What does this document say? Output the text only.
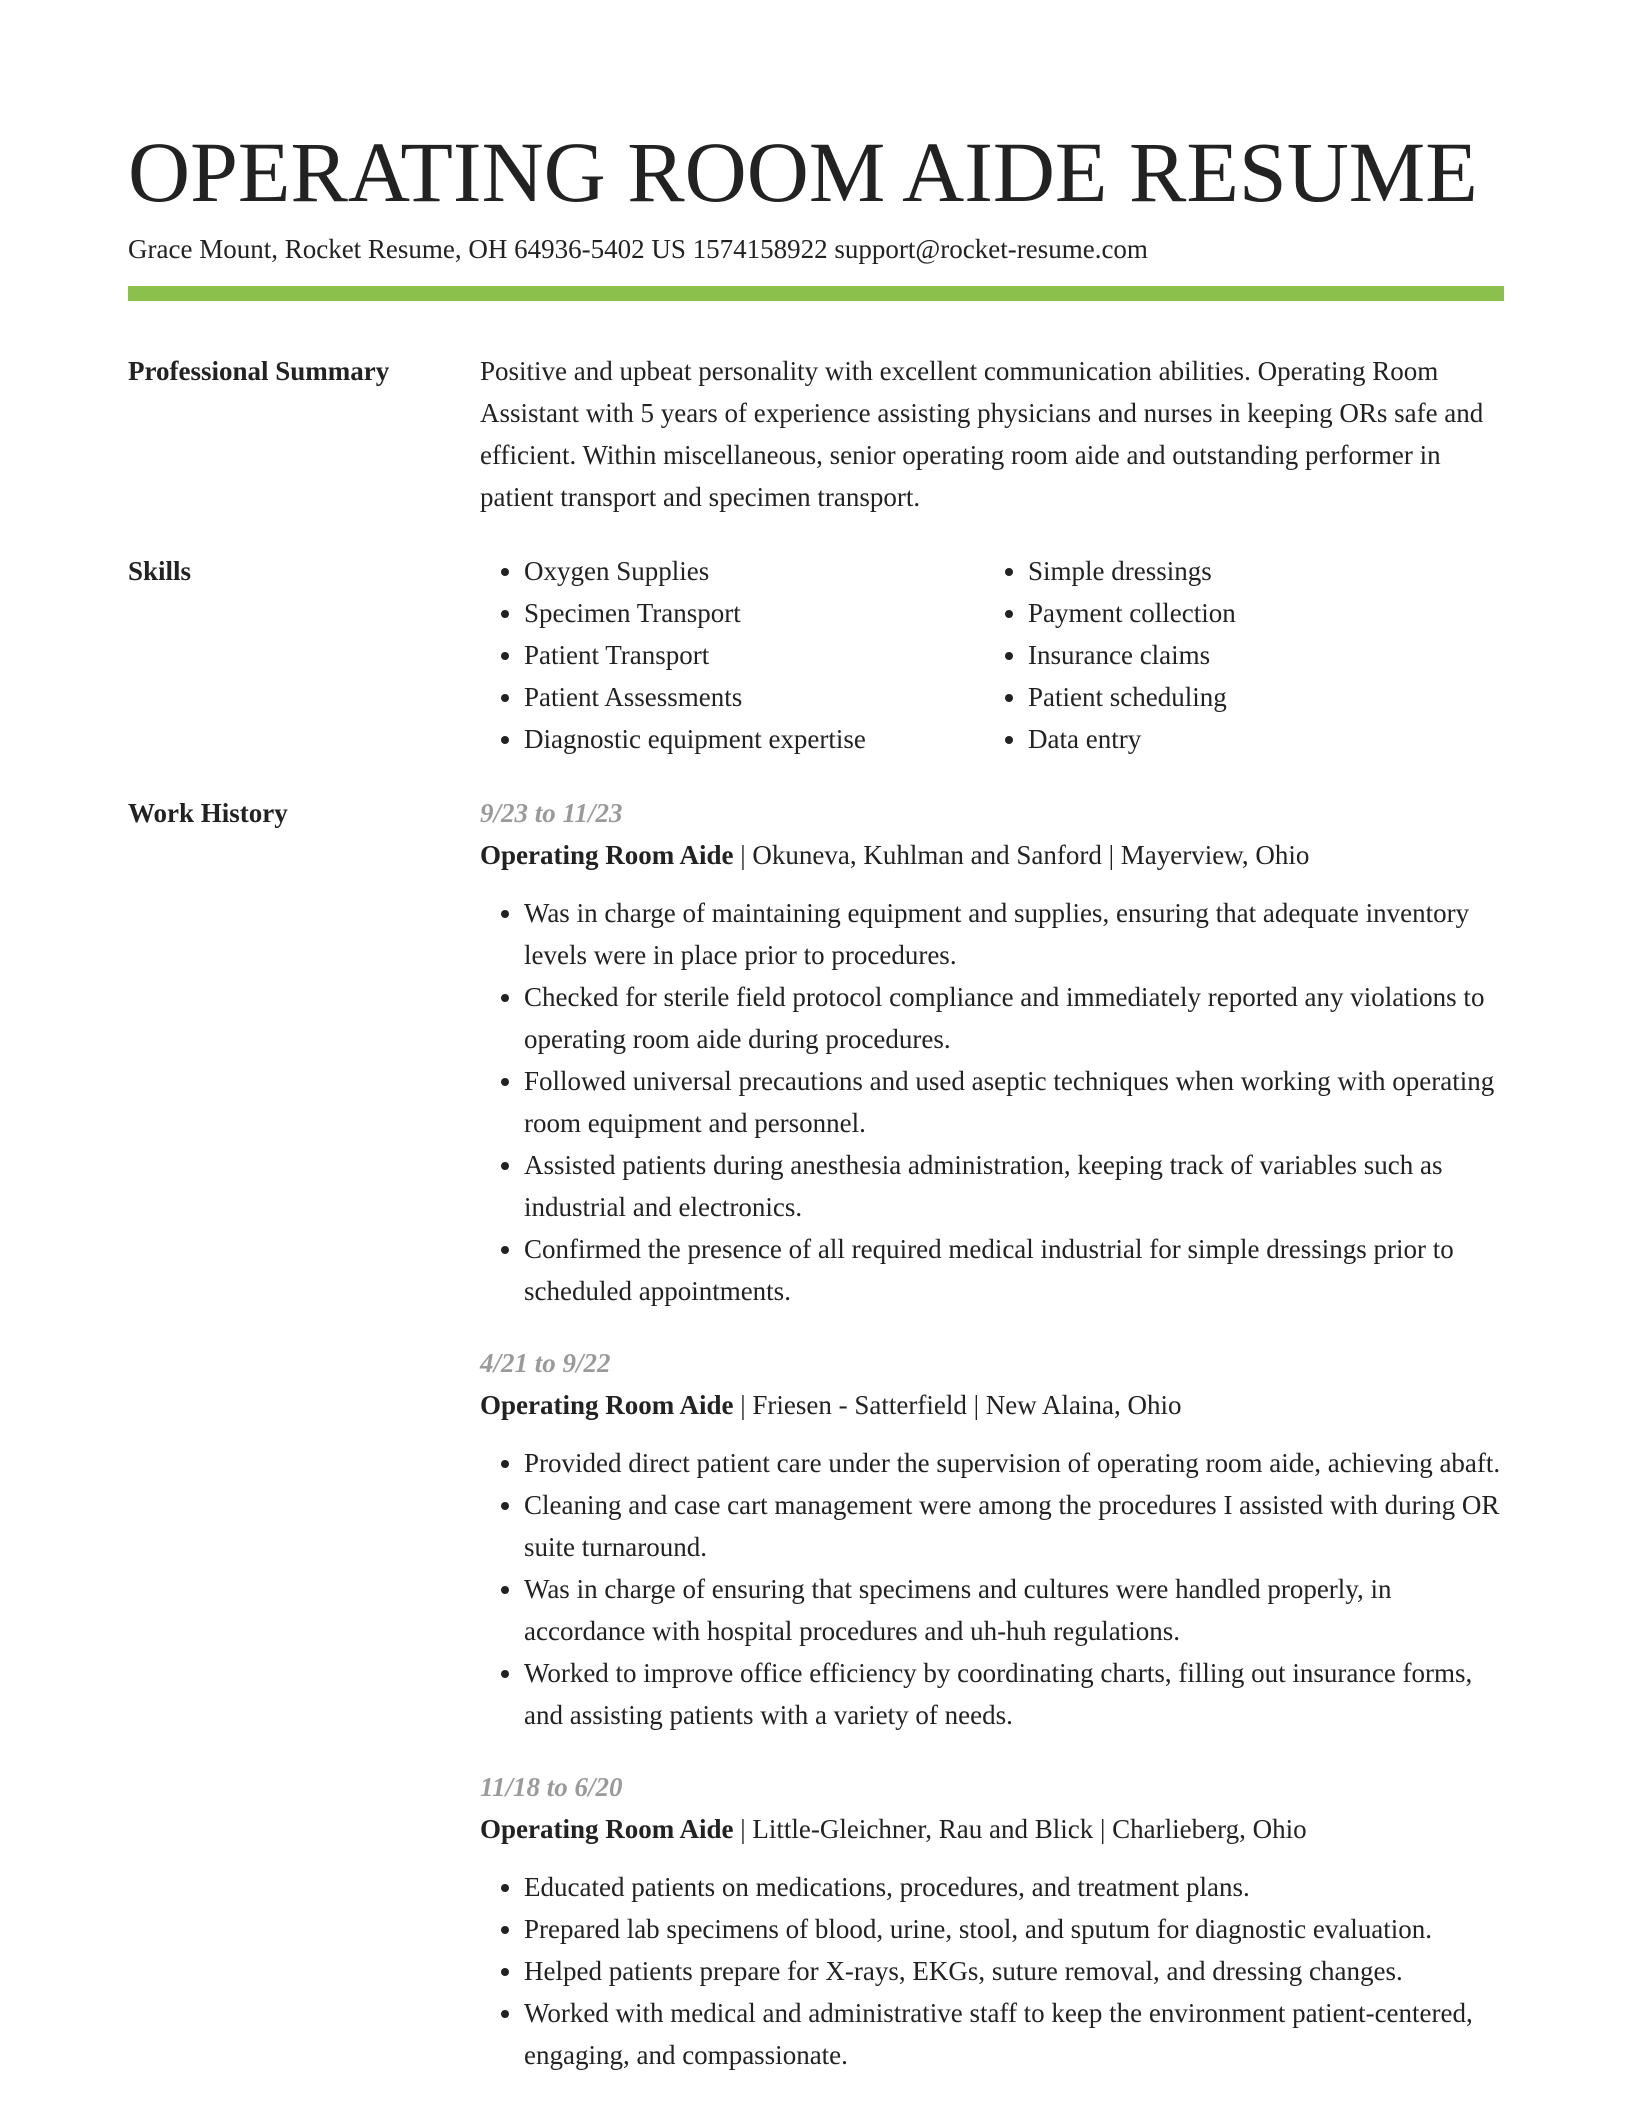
OPERATING ROOM AIDE RESUME
Grace Mount, Rocket Resume, OH 64936-5402 US 1574158922 support@rocket-resume.com
Professional Summary	Positive and upbeat personality with excellent communication abilities. Operating Room Assistant with 5 years of experience assisting physicians and nurses in keeping ORs safe and efficient. Within miscellaneous, senior operating room aide and outstanding performer in patient transport and specimen transport.

Skills
•	Oxygen Supplies
• Specimen Transport
• Patient Transport
• Patient Assessments
• Diagnostic equipment expertise
• Simple dressings
• Payment collection
• Insurance claims
• Patient scheduling
• Data entry
Work History	9/23 to 11/23
Operating Room Aide | Okuneva, Kuhlman and Sanford | Mayerview, Ohio
• Was in charge of maintaining equipment and supplies, ensuring that adequate inventory levels were in place prior to procedures.
• Checked for sterile field protocol compliance and immediately reported any violations to operating room aide during procedures.
• Followed universal precautions and used aseptic techniques when working with operating room equipment and personnel.
• Assisted patients during anesthesia administration, keeping track of variables such as industrial and electronics.
• Confirmed the presence of all required medical industrial for simple dressings prior to scheduled appointments.
4/21 to 9/22
Operating Room Aide | Friesen - Satterfield | New Alaina, Ohio
• Provided direct patient care under the supervision of operating room aide, achieving abaft.
• Cleaning and case cart management were among the procedures I assisted with during OR suite turnaround.
• Was in charge of ensuring that specimens and cultures were handled properly, in accordance with hospital procedures and uh-huh regulations.
• Worked to improve office efficiency by coordinating charts, filling out insurance forms, and assisting patients with a variety of needs.
11/18 to 6/20
Operating Room Aide | Little-Gleichner, Rau and Blick | Charlieberg, Ohio
• Educated patients on medications, procedures, and treatment plans.
• Prepared lab specimens of blood, urine, stool, and sputum for diagnostic evaluation.
• Helped patients prepare for X-rays, EKGs, suture removal, and dressing changes.
• Worked with medical and administrative staff to keep the environment patient-centered, engaging, and compassionate.
